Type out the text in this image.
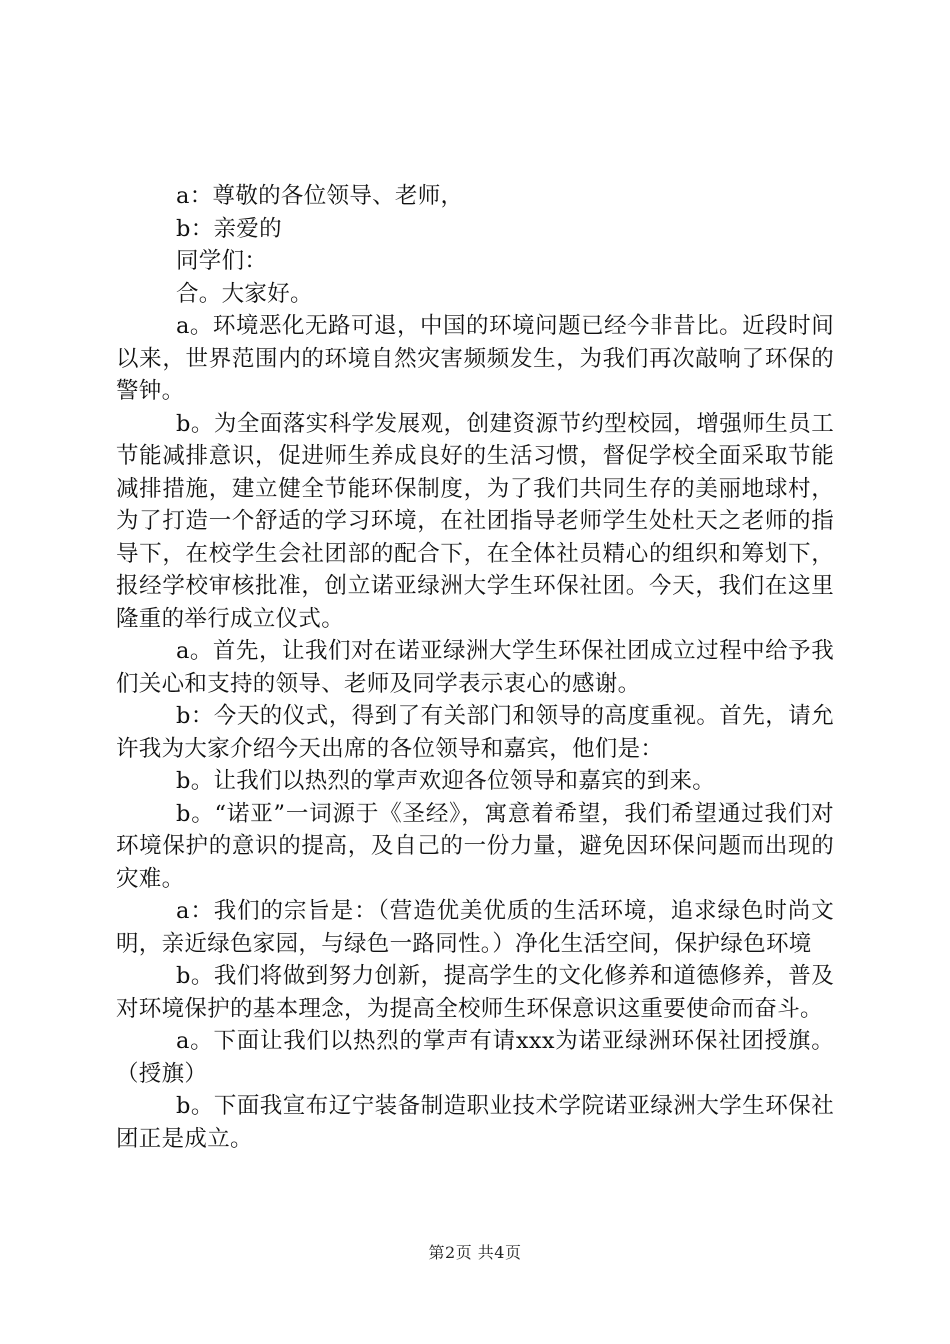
a：尊敬的各位领导、老师，

b：亲爱的

同学们：

合。大家好。

a。环境恶化无路可退，中国的环境问题已经今非昔比。近段时间以来，世界范围内的环境自然灾害频频发生，为我们再次敲响了环保的警钟。

b。为全面落实科学发展观，创建资源节约型校园，增强师生员工节能减排意识，促进师生养成良好的生活习惯，督促学校全面采取节能减排措施，建立健全节能环保制度，为了我们共同生存的美丽地球村，为了打造一个舒适的学习环境，在社团指导老师学生处杜天之老师的指导下，在校学生会社团部的配合下，在全体社员精心的组织和筹划下，报经学校审核批准，创立诺亚绿洲大学生环保社团。今天，我们在这里隆重的举行成立仪式。

a。首先，让我们对在诺亚绿洲大学生环保社团成立过程中给予我们关心和支持的领导、老师及同学表示衷心的感谢。

b：今天的仪式，得到了有关部门和领导的高度重视。首先，请允许我为大家介绍今天出席的各位领导和嘉宾，他们是：

b。让我们以热烈的掌声欢迎各位领导和嘉宾的到来。

b。“诺亚”一词源于《圣经》，寓意着希望，我们希望通过我们对环境保护的意识的提高，及自己的一份力量，避免因环保问题而出现的灾难。

a：我们的宗旨是：（营造优美优质的生活环境，追求绿色时尚文明，亲近绿色家园，与绿色一路同性。）净化生活空间，保护绿色环境

b。我们将做到努力创新，提高学生的文化修养和道德修养，普及对环境保护的基本理念，为提高全校师生环保意识这重要使命而奋斗。

a。下面让我们以热烈的掌声有请xxx为诺亚绿洲环保社团授旗。（授旗）

b。下面我宣布辽宁装备制造职业技术学院诺亚绿洲大学生环保社团正是成立。

第2页 共4页
